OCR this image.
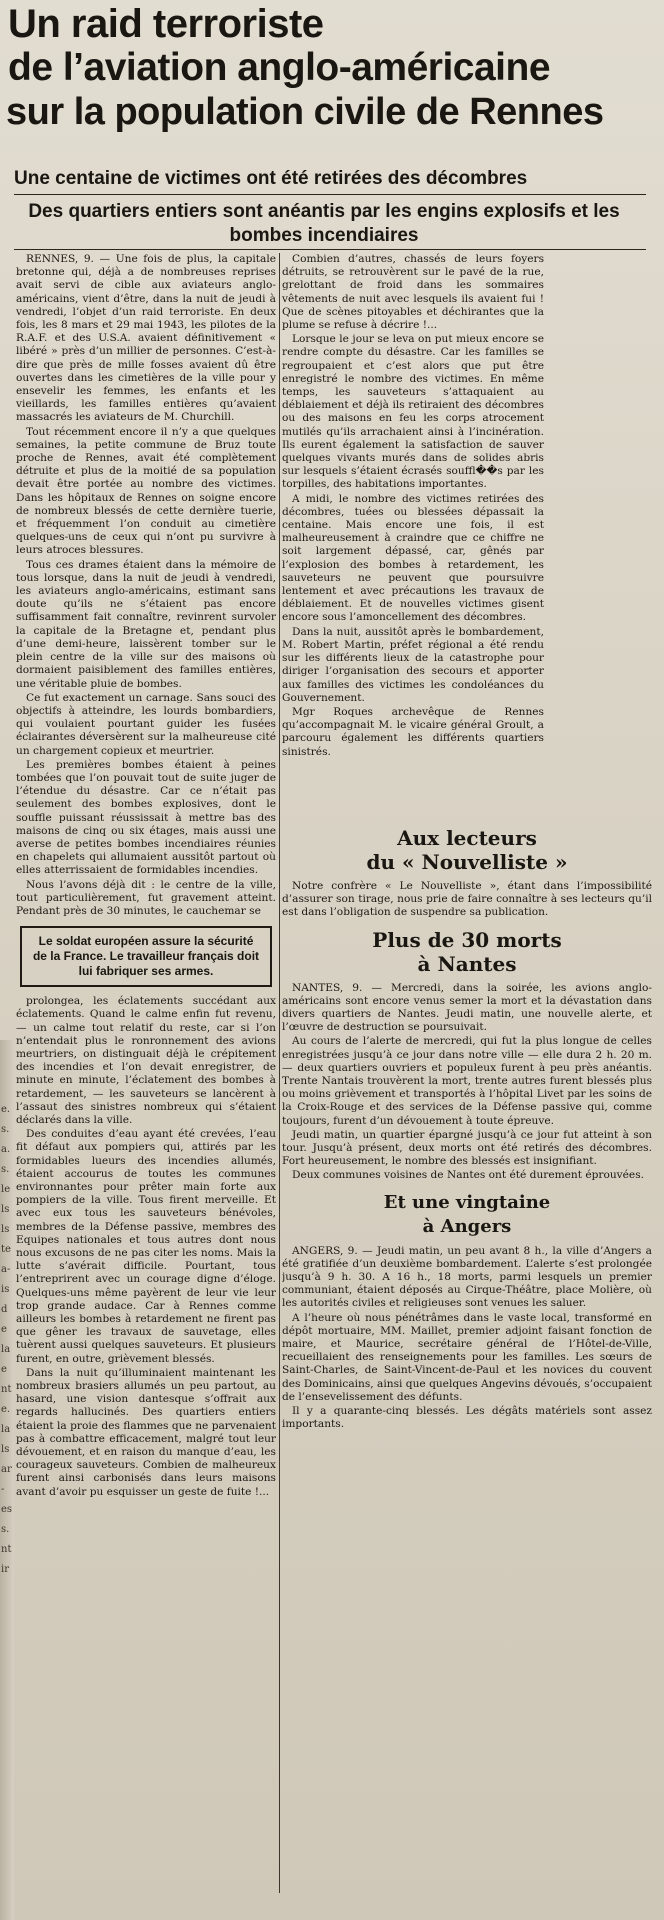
Un raid terroriste
de l’aviation anglo-américaine
sur la population civile de Rennes
Une centaine de victimes ont été retirées des décombres
Des quartiers entiers sont anéantis par les engins explosifs et les bombes incendiaires

RENNES, 9. — Une fois de plus, la capitale bretonne qui, déjà a de nombreuses reprises avait servi de cible aux aviateurs anglo-américains, vient d’être, dans la nuit de jeudi à vendredi, l’objet d’un raid terroriste. En deux fois, les 8 mars et 29 mai 1943, les pilotes de la R.A.F. et des U.S.A. avaient définitivement « libéré » près d’un millier de personnes. C’est-à-dire que près de mille fosses avaient dû être ouvertes dans les cimetières de la ville pour y ensevelir les femmes, les enfants et les vieillards, les familles entières qu’avaient massacrés les aviateurs de M. Churchill.

Tout récemment encore il n’y a que quelques semaines, la petite commune de Bruz toute proche de Rennes, avait été complètement détruite et plus de la moitié de sa population devait être portée au nombre des victimes. Dans les hôpitaux de Rennes on soigne encore de nombreux blessés de cette dernière tuerie, et fréquemment l’on conduit au cimetière quelques-uns de ceux qui n’ont pu survivre à leurs atroces blessures.

Tous ces drames étaient dans la mémoire de tous lorsque, dans la nuit de jeudi à vendredi, les aviateurs anglo-américains, estimant sans doute qu’ils ne s’étaient pas encore suffisamment fait connaître, revinrent survoler la capitale de la Bretagne et, pendant plus d’une demi-heure, laissèrent tomber sur le plein centre de la ville sur des maisons où dormaient paisiblement des familles entières, une véritable pluie de bombes.

Ce fut exactement un carnage. Sans souci des objectifs à atteindre, les lourds bombardiers, qui voulaient pourtant guider les fusées éclairantes déversèrent sur la malheureuse cité un chargement copieux et meurtrier.

Les premières bombes étaient à peines tombées que l’on pouvait tout de suite juger de l’étendue du désastre. Car ce n’était pas seulement des bombes explosives, dont le souffle puissant réussissait à mettre bas des maisons de cinq ou six étages, mais aussi une averse de petites bombes incendiaires réunies en chapelets qui allumaient aussitôt partout où elles atterrissaient de formidables incendies.

Nous l’avons déjà dit : le centre de la ville, tout particulièrement, fut gravement atteint. Pendant près de 30 minutes, le cauchemar se

Le soldat européen assure la sécurité de la France. Le travailleur français doit lui fabriquer ses armes.

prolongea, les éclatements succédant aux éclatements. Quand le calme enfin fut revenu, — un calme tout relatif du reste, car si l’on n’entendait plus le ronronnement des avions meurtriers, on distinguait déjà le crépitement des incendies et l’on devait enregistrer, de minute en minute, l’éclatement des bombes à retardement, — les sauveteurs se lancèrent à l’assaut des sinistres nombreux qui s’étaient déclarés dans la ville.

Des conduites d’eau ayant été crevées, l’eau fit défaut aux pompiers qui, attirés par les formidables lueurs des incendies allumés, étaient accourus de toutes les communes environnantes pour prêter main forte aux pompiers de la ville. Tous firent merveille. Et avec eux tous les sauveteurs bénévoles, membres de la Défense passive, membres des Equipes nationales et tous autres dont nous nous excusons de ne pas citer les noms. Mais la lutte s’avérait difficile. Pourtant, tous l’entreprirent avec un courage digne d’éloge. Quelques-uns même payèrent de leur vie leur trop grande audace. Car à Rennes comme ailleurs les bombes à retardement ne firent pas que gêner les travaux de sauvetage, elles tuèrent aussi quelques sauveteurs. Et plusieurs furent, en outre, grièvement blessés.

Dans la nuit qu’illuminaient maintenant les nombreux brasiers allumés un peu partout, au hasard, une vision dantesque s’offrait aux regards hallucinés. Des quartiers entiers étaient la proie des flammes que ne parvenaient pas à combattre efficacement, malgré tout leur dévouement, et en raison du manque d’eau, les courageux sauveteurs. Combien de malheureux furent ainsi carbonisés dans leurs maisons avant d’avoir pu esquisser un geste de fuite !...

Combien d’autres, chassés de leurs foyers détruits, se retrouvèrent sur le pavé de la rue, grelottant de froid dans les sommaires vêtements de nuit avec lesquels ils avaient fui ! Que de scènes pitoyables et déchirantes que la plume se refuse à décrire !...

Lorsque le jour se leva on put mieux encore se rendre compte du désastre. Car les familles se regroupaient et c’est alors que put être enregistré le nombre des victimes. En même temps, les sauveteurs s’attaquaient au déblaiement et déjà ils retiraient des décombres ou des maisons en feu les corps atrocement mutilés qu’ils arrachaient ainsi à l’incinération. Ils eurent également la satisfaction de sauver quelques vivants murés dans de solides abris sur lesquels s’étaient écrasés souffl��s par les torpilles, des habitations importantes.

A midi, le nombre des victimes retirées des décombres, tuées ou blessées dépassait la centaine. Mais encore une fois, il est malheureusement à craindre que ce chiffre ne soit largement dépassé, car, gênés par l’explosion des bombes à retardement, les sauveteurs ne peuvent que poursuivre lentement et avec précautions les travaux de déblaiement. Et de nouvelles victimes gisent encore sous l’amoncellement des décombres.

Dans la nuit, aussitôt après le bombardement, M. Robert Martin, préfet régional a été rendu sur les différents lieux de la catastrophe pour diriger l’organisation des secours et apporter aux familles des victimes les condoléances du Gouvernement.

Mgr Roques archevêque de Rennes qu’accompagnait M. le vicaire général Groult, a parcouru également les différents quartiers sinistrés.

Aux lecteurs
du « Nouvelliste »

Notre confrère « Le Nouvelliste », étant dans l’impossibilité d’assurer son tirage, nous prie de faire connaître à ses lecteurs qu’il est dans l’obligation de suspendre sa publication.

Plus de 30 morts
à Nantes

NANTES, 9. — Mercredi, dans la soirée, les avions anglo-américains sont encore venus semer la mort et la dévastation dans divers quartiers de Nantes. Jeudi matin, une nouvelle alerte, et l’œuvre de destruction se poursuivait.

Au cours de l’alerte de mercredi, qui fut la plus longue de celles enregistrées jusqu’à ce jour dans notre ville — elle dura 2 h. 20 m. — deux quartiers ouvriers et populeux furent à peu près anéantis. Trente Nantais trouvèrent la mort, trente autres furent blessés plus ou moins grièvement et transportés à l’hôpital Livet par les soins de la Croix-Rouge et des services de la Défense passive qui, comme toujours, furent d’un dévouement à toute épreuve.

Jeudi matin, un quartier épargné jusqu’à ce jour fut atteint à son tour. Jusqu’à présent, deux morts ont été retirés des décombres. Fort heureusement, le nombre des blessés est insignifiant.

Deux communes voisines de Nantes ont été durement éprouvées.

Et une vingtaine
à Angers

ANGERS, 9. — Jeudi matin, un peu avant 8 h., la ville d’Angers a été gratifiée d’un deuxième bombardement. L’alerte s’est prolongée jusqu’à 9 h. 30. A 16 h., 18 morts, parmi lesquels un premier communiant, étaient déposés au Cirque-Théâtre, place Molière, où les autorités civiles et religieuses sont venues les saluer.

A l’heure où nous pénétrâmes dans le vaste local, transformé en dépôt mortuaire, MM. Maillet, premier adjoint faisant fonction de maire, et Maurice, secrétaire général de l’Hôtel-de-Ville, recueillaient des renseignements pour les familles. Les sœurs de Saint-Charles, de Saint-Vincent-de-Paul et les novices du couvent des Dominicains, ainsi que quelques Angevins dévoués, s’occupaient de l’ensevelissement des défunts.

Il y a quarante-cinq blessés. Les dégâts matériels sont assez importants.

e. s. a. s. le ls ls te a- is de la ent e. la ls ar- es s. nt ir
